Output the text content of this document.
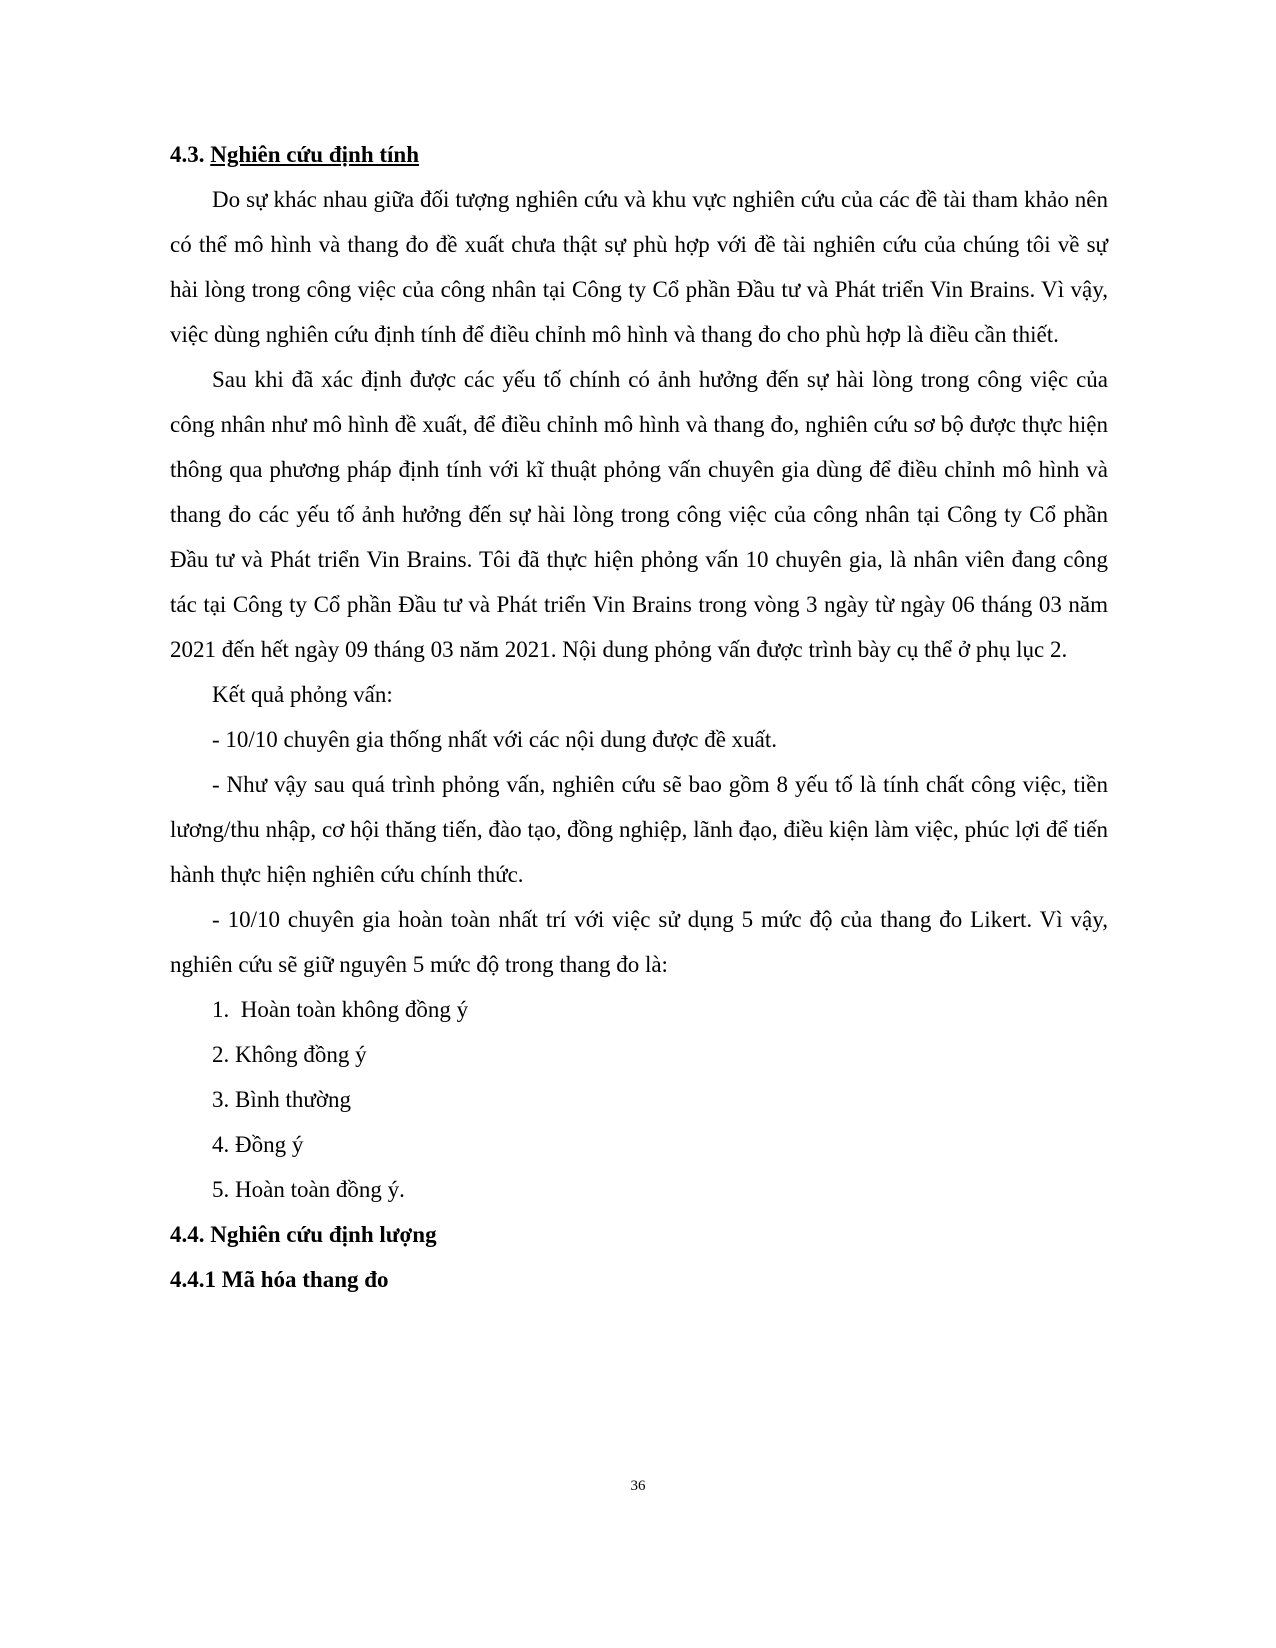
4.3. Nghiên cứu định tính

Do sự khác nhau giữa đối tượng nghiên cứu và khu vực nghiên cứu của các đề tài tham khảo nên có thể mô hình và thang đo đề xuất chưa thật sự phù hợp với đề tài nghiên cứu của chúng tôi về sự hài lòng trong công việc của công nhân tại Công ty Cổ phần Đầu tư và Phát triển Vin Brains. Vì vậy, việc dùng nghiên cứu định tính để điều chỉnh mô hình và thang đo cho phù hợp là điều cần thiết.

Sau khi đã xác định được các yếu tố chính có ảnh hưởng đến sự hài lòng trong công việc của công nhân như mô hình đề xuất, để điều chỉnh mô hình và thang đo, nghiên cứu sơ bộ được thực hiện thông qua phương pháp định tính với kĩ thuật phỏng vấn chuyên gia dùng để điều chỉnh mô hình và thang đo các yếu tố ảnh hưởng đến sự hài lòng trong công việc của công nhân tại Công ty Cổ phần Đầu tư và Phát triển Vin Brains. Tôi đã thực hiện phỏng vấn 10 chuyên gia, là nhân viên đang công tác tại Công ty Cổ phần Đầu tư và Phát triển Vin Brains trong vòng 3 ngày từ ngày 06 tháng 03 năm 2021 đến hết ngày 09 tháng 03 năm 2021. Nội dung phỏng vấn được trình bày cụ thể ở phụ lục 2.

Kết quả phỏng vấn:

- 10/10 chuyên gia thống nhất với các nội dung được đề xuất.

- Như vậy sau quá trình phỏng vấn, nghiên cứu sẽ bao gồm 8 yếu tố là tính chất công việc, tiền lương/thu nhập, cơ hội thăng tiến, đào tạo, đồng nghiệp, lãnh đạo, điều kiện làm việc, phúc lợi để tiến hành thực hiện nghiên cứu chính thức.

- 10/10 chuyên gia hoàn toàn nhất trí với việc sử dụng 5 mức độ của thang đo Likert. Vì vậy, nghiên cứu sẽ giữ nguyên 5 mức độ trong thang đo là:

1.  Hoàn toàn không đồng ý

2. Không đồng ý

3. Bình thường

4. Đồng ý

5. Hoàn toàn đồng ý.

4.4. Nghiên cứu định lượng
4.4.1 Mã hóa thang đo
36
